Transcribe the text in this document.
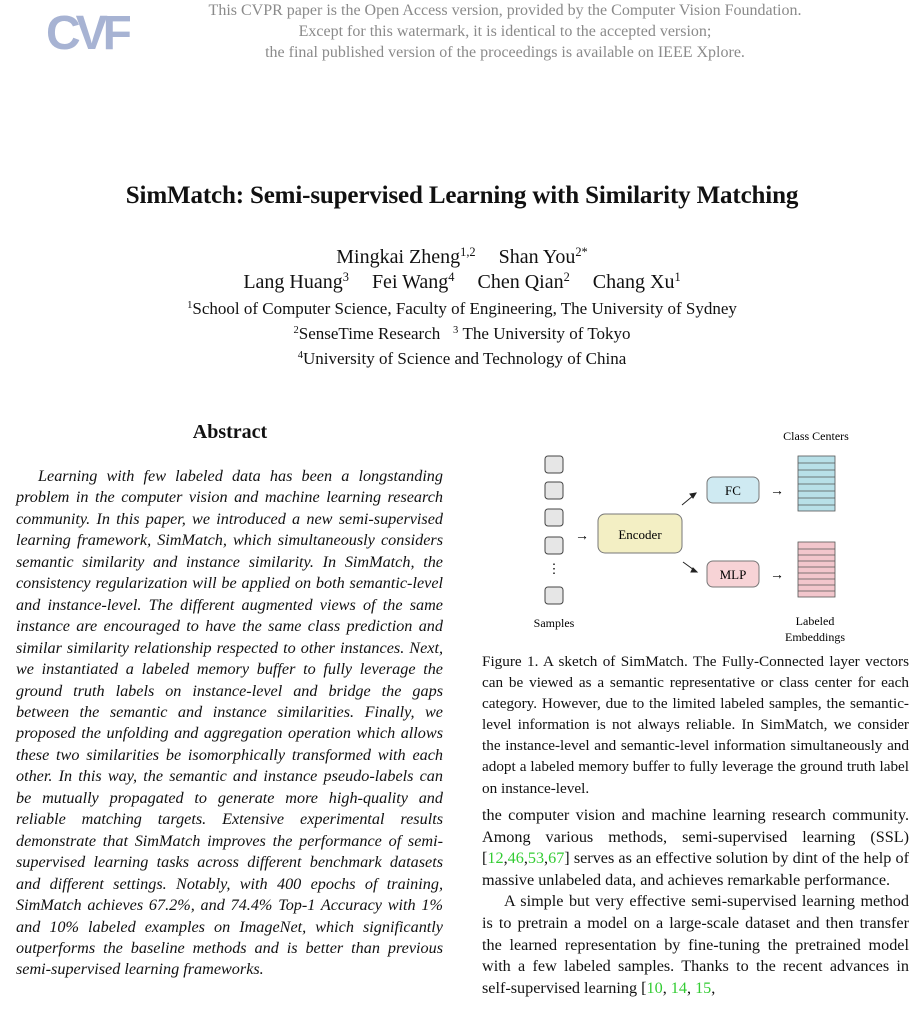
CVF	This CVPR paper is the Open Access version, provided by the Computer Vision Foundation.
Except for this watermark, it is identical to the accepted version;
the final published version of the proceedings is available on IEEE Xplore.
SimMatch: Semi-supervised Learning with Similarity Matching
Mingkai Zheng$^{1,2}$ Shan You$^{2*}$
Lang Huang$^3$ Fei Wang$^4$ Chen Qian$^2$ Chang Xu$^1$
$^1$School of Computer Science, Faculty of Engineering, The University of Sydney
$^2$SenseTime Research $^3$ The University of Tokyo
$^4$University of Science and Technology of China
Abstract

Learning with few labeled data has been a longstanding problem in the computer vision and machine learning research community. In this paper, we introduced a new semi-supervised learning framework, SimMatch, which simultaneously considers semantic similarity and instance similarity. In SimMatch, the consistency regularization will be applied on both semantic-level and instance-level. The different augmented views of the same instance are encouraged to have the same class prediction and similar similarity relationship respected to other instances. Next, we instantiated a labeled memory buffer to fully leverage the ground truth labels on instance-level and bridge the gaps between the semantic and instance similarities. Finally, we proposed the unfolding and aggregation operation which allows these two similarities be isomorphically transformed with each other. In this way, the semantic and instance pseudo-labels can be mutually propagated to generate more high-quality and reliable matching targets. Extensive experimental results demonstrate that SimMatch improves the performance of semi-supervised learning tasks across different benchmark datasets and different settings. Notably, with 400 epochs of training, SimMatch achieves 67.2%, and 74.4% Top-1 Accuracy with 1% and 10% labeled examples on ImageNet, which significantly outperforms the baseline methods and is better than previous semi-supervised learning frameworks.

⋮
Samples
→ Encoder
FC →
MLP →
Class Centers
Labeled
Embeddings

Figure 1. A sketch of SimMatch. The Fully-Connected layer vectors can be viewed as a semantic representative or class center for each category. However, due to the limited labeled samples, the semantic-level information is not always reliable. In SimMatch, we consider the instance-level and semantic-level information simultaneously and adopt a labeled memory buffer to fully leverage the ground truth label on instance-level.

the computer vision and machine learning research community. Among various methods, semi-supervised learning (SSL) [12,46,53,67] serves as an effective solution by dint of the help of massive unlabeled data, and achieves remarkable performance.

A simple but very effective semi-supervised learning method is to pretrain a model on a large-scale dataset and then transfer the learned representation by fine-tuning the pretrained model with a few labeled samples. Thanks to the recent advances in self-supervised learning [10, 14, 15,
